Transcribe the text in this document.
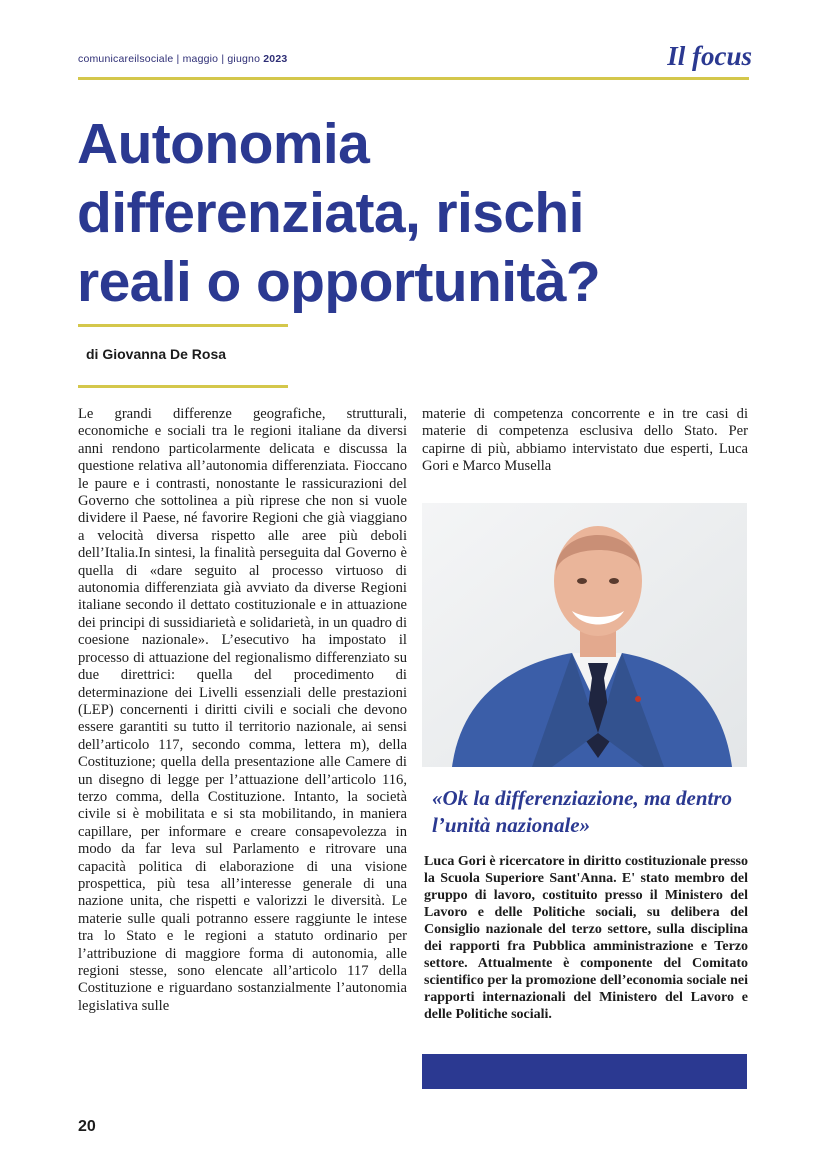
comunicareilsociale | maggio | giugno 2023	Il focus
Autonomia
differenziata, rischi
reali o opportunità?
di Giovanna De Rosa

Le grandi differenze geografiche, strutturali, economiche e sociali tra le regioni italiane da diversi anni rendono particolarmente delicata e discussa la questione relativa all’autonomia differenziata. Fioccano le paure e i contrasti, nonostante le rassicurazioni del Governo che sottolinea a più riprese che non si vuole dividere il Paese, né favorire Regioni che già viaggiano a velocità diversa rispetto alle aree più deboli dell’Italia.In sintesi, la finalità perseguita dal Governo è quella di «dare seguito al processo virtuoso di autonomia differenziata già avviato da diverse Regioni italiane secondo il dettato costituzionale e in attuazione dei principi di sussidiarietà e solidarietà, in un quadro di coesione nazionale». L’esecutivo ha impostato il processo di attuazione del regionalismo differenziato su due direttrici: quella del procedimento di determinazione dei Livelli essenziali delle prestazioni (LEP) concernenti i diritti civili e sociali che devono essere garantiti su tutto il territorio nazionale, ai sensi dell’articolo 117, secondo comma, lettera m), della Costituzione; quella della presentazione alle Camere di un disegno di legge per l’attuazione dell’articolo 116, terzo comma, della Costituzione. Intanto, la società civile si è mobilitata e si sta mobilitando, in maniera capillare, per informare e creare consapevolezza in modo da far leva sul Parlamento e ritrovare una capacità politica di elaborazione di una visione prospettica, più tesa all’interesse generale di una nazione unita, che rispetti e valorizzi le diversità. Le materie sulle quali potranno essere raggiunte le intese tra lo Stato e le regioni a statuto ordinario per l’attribuzione di maggiore forma di autonomia, alle regioni stesse, sono elencate all’articolo 117 della Costituzione e riguardano sostanzialmente l’autonomia legislativa sulle

materie di competenza concorrente e in tre casi di materie di competenza esclusiva dello Stato. Per capirne di più, abbiamo intervistato due esperti, Luca Gori e Marco Musella

«Ok la differenziazione, ma dentro l’unità nazionale»

Luca Gori è ricercatore in diritto costituzionale presso la Scuola Superiore Sant'Anna. E' stato membro del gruppo di lavoro, costituito presso il Ministero del Lavoro e delle Politiche sociali, su delibera del Consiglio nazionale del terzo settore, sulla disciplina dei rapporti fra Pubblica amministrazione e Terzo settore. Attualmente è componente del Comitato scientifico per la promozione dell’economia sociale nei rapporti internazionali del Ministero del Lavoro e delle Politiche sociali.

20
